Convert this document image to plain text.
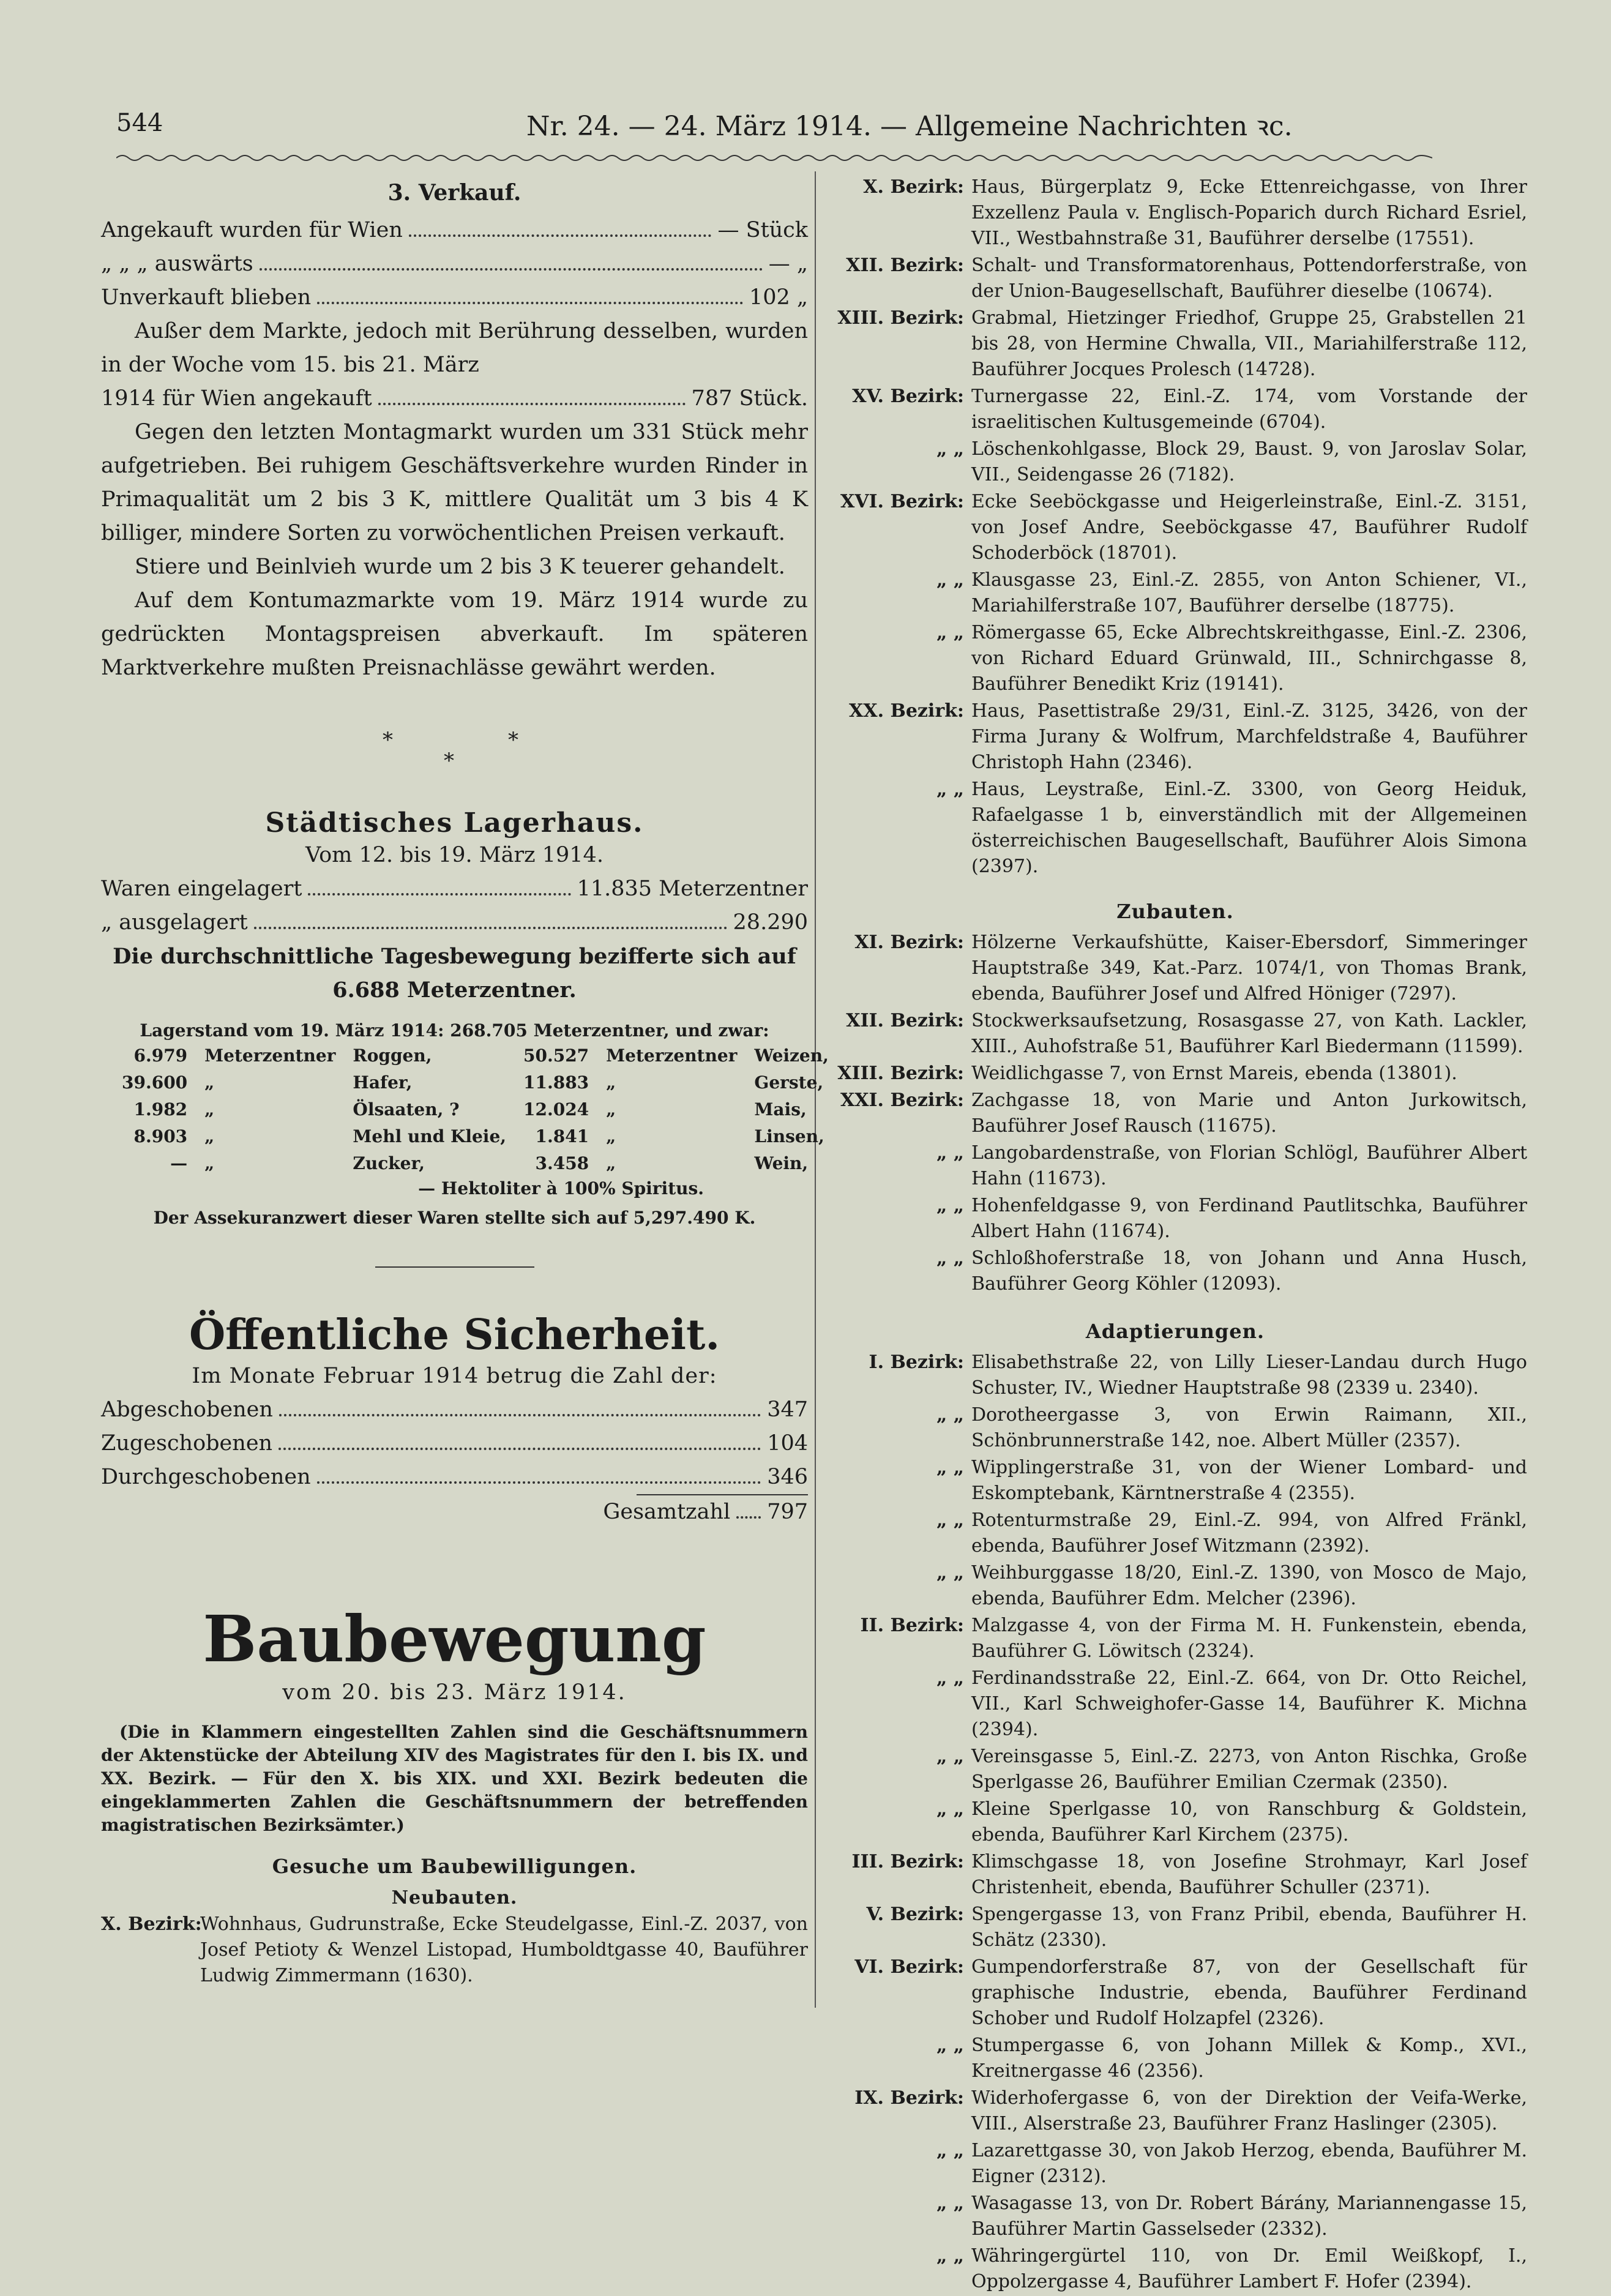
544	Nr. 24. — 24. März 1914. — Allgemeine Nachrichten ꝛc.
3. Verkauf.
Angekauft wurden für Wien	— Stück
„ „ „ auswärts	— „
Unverkauft blieben	102 „

Außer dem Markte, jedoch mit Berührung desselben, wurden in der Woche vom 15. bis 21. März

1914 für Wien angekauft	787 Stück.

Gegen den letzten Montagmarkt wurden um 331 Stück mehr aufgetrieben. Bei ruhigem Geschäftsverkehre wurden Rinder in Primaqualität um 2 bis 3 K, mittlere Qualität um 3 bis 4 K billiger, mindere Sorten zu vorwöchentlichen Preisen verkauft.

Stiere und Beinlvieh wurde um 2 bis 3 K teuerer gehandelt.

Auf dem Kontumazmarkte vom 19. März 1914 wurde zu gedrückten Montagspreisen abverkauft. Im späteren Marktverkehre mußten Preisnachlässe gewährt werden.

*	*
*
Städtisches Lagerhaus.
Vom 12. bis 19. März 1914.
Waren eingelagert	11.835 Meterzentner
„ ausgelagert	28.290
Die durchschnittliche Tagesbewegung bezifferte sich auf
6.688 Meterzentner.
Lagerstand vom 19. März 1914: 268.705 Meterzentner, und zwar:
6.979	Meterzentner	Roggen,	50.527	Meterzentner	Weizen,
39.600	„	Hafer,	11.883	„	Gerste,
1.982	„	Ölsaaten, ?	12.024	„	Mais,
8.903	„	Mehl und Kleie,	1.841	„	Linsen,
—	„	Zucker,	3.458	„	Wein,
— Hektoliter à 100% Spiritus.
Der Assekuranzwert dieser Waren stellte sich auf 5,297.490 K.
Öffentliche Sicherheit.
Im Monate Februar 1914 betrug die Zahl der:
Abgeschobenen	347
Zugeschobenen	104
Durchgeschobenen	346
Gesamtzahl 797
Baubewegung
vom 20. bis 23. März 1914.

(Die in Klammern eingestellten Zahlen sind die Geschäftsnummern der Aktenstücke der Abteilung XIV des Magistrates für den I. bis IX. und XX. Bezirk. — Für den X. bis XIX. und XXI. Bezirk bedeuten die eingeklammerten Zahlen die Geschäftsnummern der betreffenden magistratischen Bezirksämter.)

Gesuche um Baubewilligungen.
Neubauten.
X. Bezirk:
Wohnhaus, Gudrunstraße, Ecke Steudelgasse, Einl.-Z. 2037, von Josef Petioty & Wenzel Listopad, Humboldtgasse 40, Bauführer Ludwig Zimmermann (1630).
X. Bezirk: Haus, Bürgerplatz 9, Ecke Ettenreichgasse, von Ihrer Exzellenz Paula v. Englisch-Poparich durch Richard Esriel, VII., Westbahnstraße 31, Bauführer derselbe (17551).
XII. Bezirk: Schalt- und Transformatorenhaus, Pottendorferstraße, von der Union-Baugesellschaft, Bauführer dieselbe (10674).
XIII. Bezirk: Grabmal, Hietzinger Friedhof, Gruppe 25, Grabstellen 21 bis 28, von Hermine Chwalla, VII., Mariahilferstraße 112, Bauführer Jocques Prolesch (14728).
XV. Bezirk: Turnergasse 22, Einl.-Z. 174, vom Vorstande der israelitischen Kultusgemeinde (6704).
„ „ Löschenkohlgasse, Block 29, Baust. 9, von Jaroslav Solar, VII., Seidengasse 26 (7182).
XVI. Bezirk: Ecke Seeböckgasse und Heigerleinstraße, Einl.-Z. 3151, von Josef Andre, Seeböckgasse 47, Bauführer Rudolf Schoderböck (18701).
„ „ Klausgasse 23, Einl.-Z. 2855, von Anton Schiener, VI., Mariahilferstraße 107, Bauführer derselbe (18775).
„ „ Römergasse 65, Ecke Albrechtskreithgasse, Einl.-Z. 2306, von Richard Eduard Grünwald, III., Schnirchgasse 8, Bauführer Benedikt Kriz (19141).
XX. Bezirk: Haus, Pasettistraße 29/31, Einl.-Z. 3125, 3426, von der Firma Jurany & Wolfrum, Marchfeldstraße 4, Bauführer Christoph Hahn (2346).
„ „ Haus, Leystraße, Einl.-Z. 3300, von Georg Heiduk, Rafaelgasse 1 b, einverständlich mit der Allgemeinen österreichischen Baugesellschaft, Bauführer Alois Simona (2397).
Zubauten.
XI. Bezirk: Hölzerne Verkaufshütte, Kaiser-Ebersdorf, Simmeringer Hauptstraße 349, Kat.-Parz. 1074/1, von Thomas Brank, ebenda, Bauführer Josef und Alfred Höniger (7297).
XII. Bezirk: Stockwerksaufsetzung, Rosasgasse 27, von Kath. Lackler, XIII., Auhofstraße 51, Bauführer Karl Biedermann (11599).
XIII. Bezirk: Weidlichgasse 7, von Ernst Mareis, ebenda (13801).
XXI. Bezirk: Zachgasse 18, von Marie und Anton Jurkowitsch, Bauführer Josef Rausch (11675).
„ „ Langobardenstraße, von Florian Schlögl, Bauführer Albert Hahn (11673).
„ „ Hohenfeldgasse 9, von Ferdinand Pautlitschka, Bauführer Albert Hahn (11674).
„ „ Schloßhoferstraße 18, von Johann und Anna Husch, Bauführer Georg Köhler (12093).
Adaptierungen.
I. Bezirk: Elisabethstraße 22, von Lilly Lieser-Landau durch Hugo Schuster, IV., Wiedner Hauptstraße 98 (2339 u. 2340).
„ „ Dorotheergasse 3, von Erwin Raimann, XII., Schönbrunnerstraße 142, noe. Albert Müller (2357).
„ „ Wipplingerstraße 31, von der Wiener Lombard- und Eskomptebank, Kärntnerstraße 4 (2355).
„ „ Rotenturmstraße 29, Einl.-Z. 994, von Alfred Fränkl, ebenda, Bauführer Josef Witzmann (2392).
„ „ Weihburggasse 18/20, Einl.-Z. 1390, von Mosco de Majo, ebenda, Bauführer Edm. Melcher (2396).
II. Bezirk: Malzgasse 4, von der Firma M. H. Funkenstein, ebenda, Bauführer G. Löwitsch (2324).
„ „ Ferdinandsstraße 22, Einl.-Z. 664, von Dr. Otto Reichel, VII., Karl Schweighofer-Gasse 14, Bauführer K. Michna (2394).
„ „ Vereinsgasse 5, Einl.-Z. 2273, von Anton Rischka, Große Sperlgasse 26, Bauführer Emilian Czermak (2350).
„ „ Kleine Sperlgasse 10, von Ranschburg & Goldstein, ebenda, Bauführer Karl Kirchem (2375).
III. Bezirk: Klimschgasse 18, von Josefine Strohmayr, Karl Josef Christenheit, ebenda, Bauführer Schuller (2371).
V. Bezirk: Spengergasse 13, von Franz Pribil, ebenda, Bauführer H. Schätz (2330).
VI. Bezirk: Gumpendorferstraße 87, von der Gesellschaft für graphische Industrie, ebenda, Bauführer Ferdinand Schober und Rudolf Holzapfel (2326).
„ „ Stumpergasse 6, von Johann Millek & Komp., XVI., Kreitnergasse 46 (2356).
IX. Bezirk: Widerhofergasse 6, von der Direktion der Veifa-Werke, VIII., Alserstraße 23, Bauführer Franz Haslinger (2305).
„ „ Lazarettgasse 30, von Jakob Herzog, ebenda, Bauführer M. Eigner (2312).
„ „ Wasagasse 13, von Dr. Robert Bárány, Mariannengasse 15, Bauführer Martin Gasselseder (2332).
„ „ Währingergürtel 110, von Dr. Emil Weißkopf, I., Oppolzergasse 4, Bauführer Lambert F. Hofer (2394).
